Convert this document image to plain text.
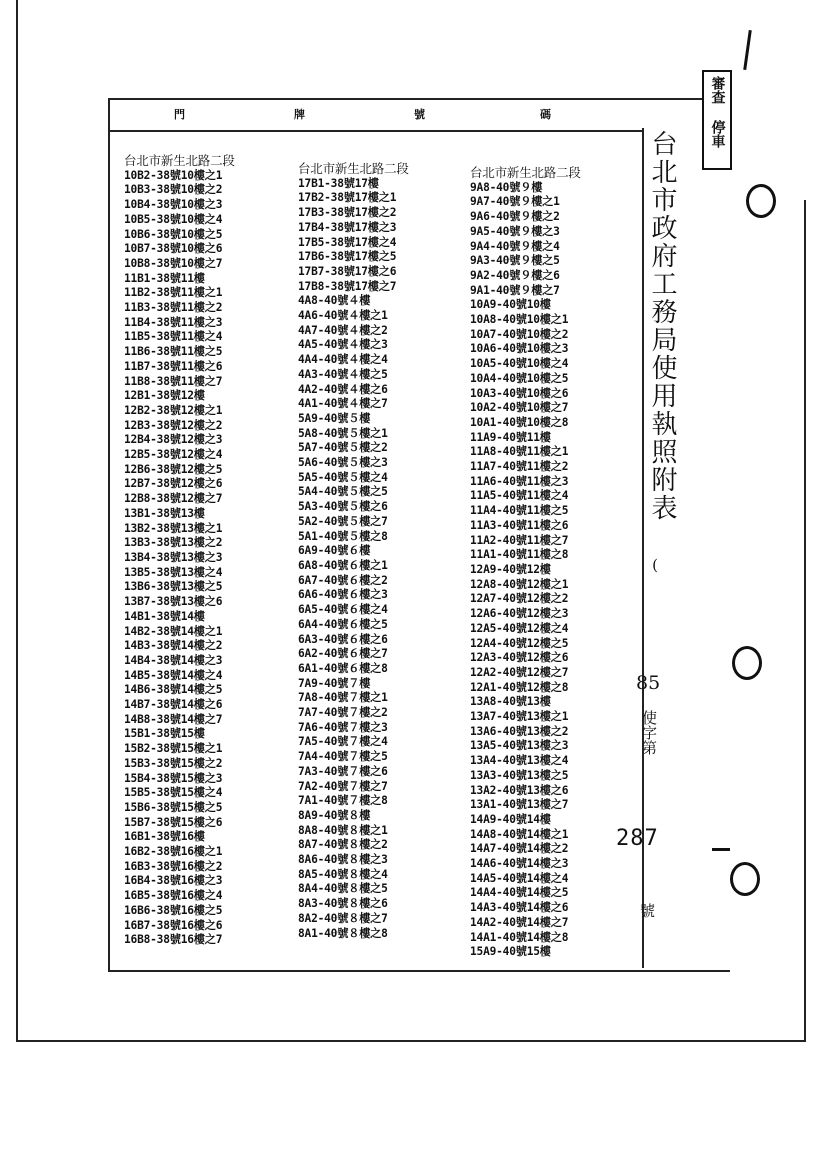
門	牌	號	碼
台北市新生北路二段
10B2-38號10樓之1
10B3-38號10樓之2
10B4-38號10樓之3
10B5-38號10樓之4
10B6-38號10樓之5
10B7-38號10樓之6
10B8-38號10樓之7
11B1-38號11樓
11B2-38號11樓之1
11B3-38號11樓之2
11B4-38號11樓之3
11B5-38號11樓之4
11B6-38號11樓之5
11B7-38號11樓之6
11B8-38號11樓之7
12B1-38號12樓
12B2-38號12樓之1
12B3-38號12樓之2
12B4-38號12樓之3
12B5-38號12樓之4
12B6-38號12樓之5
12B7-38號12樓之6
12B8-38號12樓之7
13B1-38號13樓
13B2-38號13樓之1
13B3-38號13樓之2
13B4-38號13樓之3
13B5-38號13樓之4
13B6-38號13樓之5
13B7-38號13樓之6
14B1-38號14樓
14B2-38號14樓之1
14B3-38號14樓之2
14B4-38號14樓之3
14B5-38號14樓之4
14B6-38號14樓之5
14B7-38號14樓之6
14B8-38號14樓之7
15B1-38號15樓
15B2-38號15樓之1
15B3-38號15樓之2
15B4-38號15樓之3
15B5-38號15樓之4
15B6-38號15樓之5
15B7-38號15樓之6
16B1-38號16樓
16B2-38號16樓之1
16B3-38號16樓之2
16B4-38號16樓之3
16B5-38號16樓之4
16B6-38號16樓之5
16B7-38號16樓之6
16B8-38號16樓之7
台北市新生北路二段
17B1-38號17樓
17B2-38號17樓之1
17B3-38號17樓之2
17B4-38號17樓之3
17B5-38號17樓之4
17B6-38號17樓之5
17B7-38號17樓之6
17B8-38號17樓之7
4A8-40號４樓
4A6-40號４樓之1
4A7-40號４樓之2
4A5-40號４樓之3
4A4-40號４樓之4
4A3-40號４樓之5
4A2-40號４樓之6
4A1-40號４樓之7
5A9-40號５樓
5A8-40號５樓之1
5A7-40號５樓之2
5A6-40號５樓之3
5A5-40號５樓之4
5A4-40號５樓之5
5A3-40號５樓之6
5A2-40號５樓之7
5A1-40號５樓之8
6A9-40號６樓
6A8-40號６樓之1
6A7-40號６樓之2
6A6-40號６樓之3
6A5-40號６樓之4
6A4-40號６樓之5
6A3-40號６樓之6
6A2-40號６樓之7
6A1-40號６樓之8
7A9-40號７樓
7A8-40號７樓之1
7A7-40號７樓之2
7A6-40號７樓之3
7A5-40號７樓之4
7A4-40號７樓之5
7A3-40號７樓之6
7A2-40號７樓之7
7A1-40號７樓之8
8A9-40號８樓
8A8-40號８樓之1
8A7-40號８樓之2
8A6-40號８樓之3
8A5-40號８樓之4
8A4-40號８樓之5
8A3-40號８樓之6
8A2-40號８樓之7
8A1-40號８樓之8
台北市新生北路二段
9A8-40號９樓
9A7-40號９樓之1
9A6-40號９樓之2
9A5-40號９樓之3
9A4-40號９樓之4
9A3-40號９樓之5
9A2-40號９樓之6
9A1-40號９樓之7
10A9-40號10樓
10A8-40號10樓之1
10A7-40號10樓之2
10A6-40號10樓之3
10A5-40號10樓之4
10A4-40號10樓之5
10A3-40號10樓之6
10A2-40號10樓之7
10A1-40號10樓之8
11A9-40號11樓
11A8-40號11樓之1
11A7-40號11樓之2
11A6-40號11樓之3
11A5-40號11樓之4
11A4-40號11樓之5
11A3-40號11樓之6
11A2-40號11樓之7
11A1-40號11樓之8
12A9-40號12樓
12A8-40號12樓之1
12A7-40號12樓之2
12A6-40號12樓之3
12A5-40號12樓之4
12A4-40號12樓之5
12A3-40號12樓之6
12A2-40號12樓之7
12A1-40號12樓之8
13A8-40號13樓
13A7-40號13樓之1
13A6-40號13樓之2
13A5-40號13樓之3
13A4-40號13樓之4
13A3-40號13樓之5
13A2-40號13樓之6
13A1-40號13樓之7
14A9-40號14樓
14A8-40號14樓之1
14A7-40號14樓之2
14A6-40號14樓之3
14A5-40號14樓之4
14A4-40號14樓之5
14A3-40號14樓之6
14A2-40號14樓之7
14A1-40號14樓之8
15A9-40號15樓
台北市政府工務局使用執照附表
(
85
使字第
287
號
審查 停車
